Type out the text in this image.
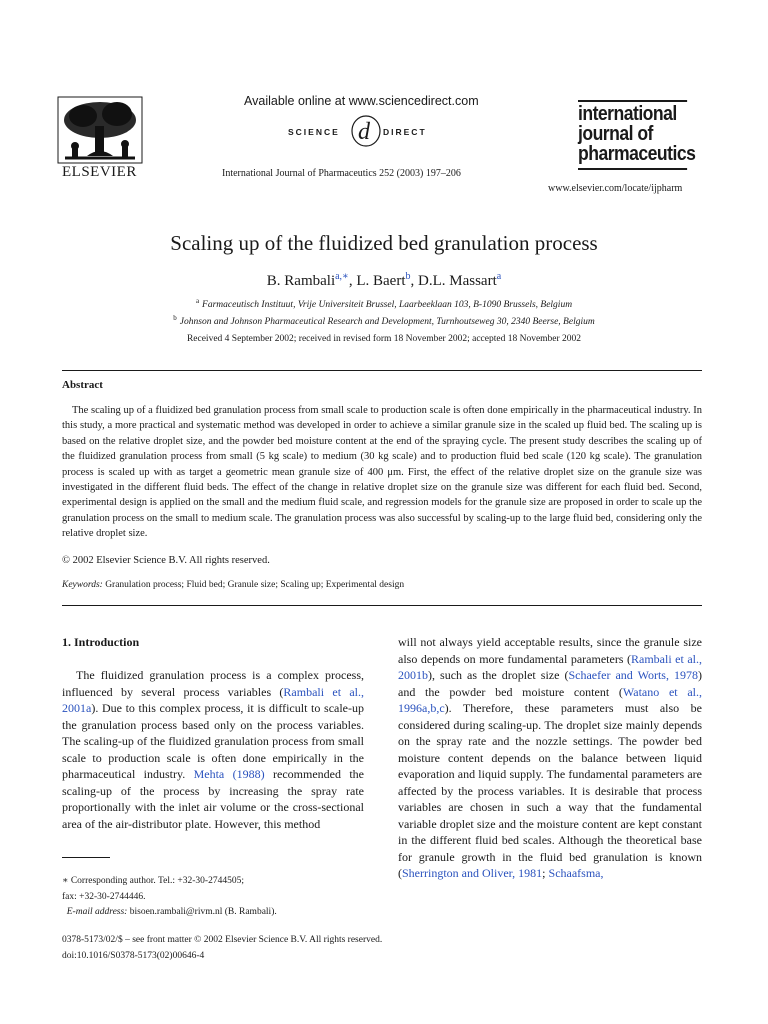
ELSEVIER
Available online at www.sciencedirect.com
SCIENCE d DIRECT
International Journal of Pharmaceutics 252 (2003) 197–206
international
journal of
pharmaceutics
www.elsevier.com/locate/ijpharm
Scaling up of the fluidized bed granulation process
B. Rambali$^{a,∗}$, L. Baert$^b$, D.L. Massart$^a$
$^a$ Farmaceutisch Instituut, Vrije Universiteit Brussel, Laarbeeklaan 103, B-1090 Brussels, Belgium
$^b$ Johnson and Johnson Pharmaceutical Research and Development, Turnhoutseweg 30, 2340 Beerse, Belgium
Received 4 September 2002; received in revised form 18 November 2002; accepted 18 November 2002
Abstract

The scaling up of a fluidized bed granulation process from small scale to production scale is often done empirically in the pharmaceutical industry. In this study, a more practical and systematic method was developed in order to achieve a similar granule size in the scaled up fluid bed. The scaling up is based on the relative droplet size, and the powder bed moisture content at the end of the spraying cycle. The present study describes the scaling up of the fluidized granulation process from small (5 kg scale) to medium (30 kg scale) and to production fluid bed scale (120 kg scale). The granulation process is scaled up with as target a geometric mean granule size of 400 μm. First, the effect of the relative droplet size on the granule size was investigated in the different fluid beds. The effect of the change in relative droplet size on the granule size was different for each fluid bed. Second, experimental design is applied on the small and the medium fluid scale, and regression models for the granule size are proposed in order to scale up the granulation process on the small to medium scale. The granulation process was also successful by scaling-up to the large fluid bed, considering only the relative droplet size.

© 2002 Elsevier Science B.V. All rights reserved.
Keywords: Granulation process; Fluid bed; Granule size; Scaling up; Experimental design
1. Introduction

The fluidized granulation process is a complex process, influenced by several process variables (Rambali et al., 2001a). Due to this complex process, it is difficult to scale-up the granulation process based only on the process variables. The scaling-up of the fluidized granulation process from small scale to production scale is often done empirically in the pharmaceutical industry. Mehta (1988) recommended the scaling-up of the process by increasing the spray rate proportionally with the inlet air volume or the cross-sectional area of the air-distributor plate. However, this method

will not always yield acceptable results, since the granule size also depends on more fundamental parameters (Rambali et al., 2001b), such as the droplet size (Schaefer and Worts, 1978) and the powder bed moisture content (Watano et al., 1996a,b,c). Therefore, these parameters must also be considered during scaling-up. The droplet size mainly depends on the spray rate and the nozzle settings. The powder bed moisture content depends on the balance between liquid evaporation and liquid supply. The fundamental parameters are affected by the process variables. It is desirable that process variables are chosen in such a way that the fundamental variable droplet size and the moisture content are kept constant in the different fluid bed scales. Although the theoretical base for granule growth in the fluid bed granulation is known (Sherrington and Oliver, 1981; Schaafsma,

∗ Corresponding author. Tel.: +32-30-2744505;
fax: +32-30-2744446.
E-mail address: bisoen.rambali@rivm.nl (B. Rambali).
0378-5173/02/$ – see front matter © 2002 Elsevier Science B.V. All rights reserved.
doi:10.1016/S0378-5173(02)00646-4
